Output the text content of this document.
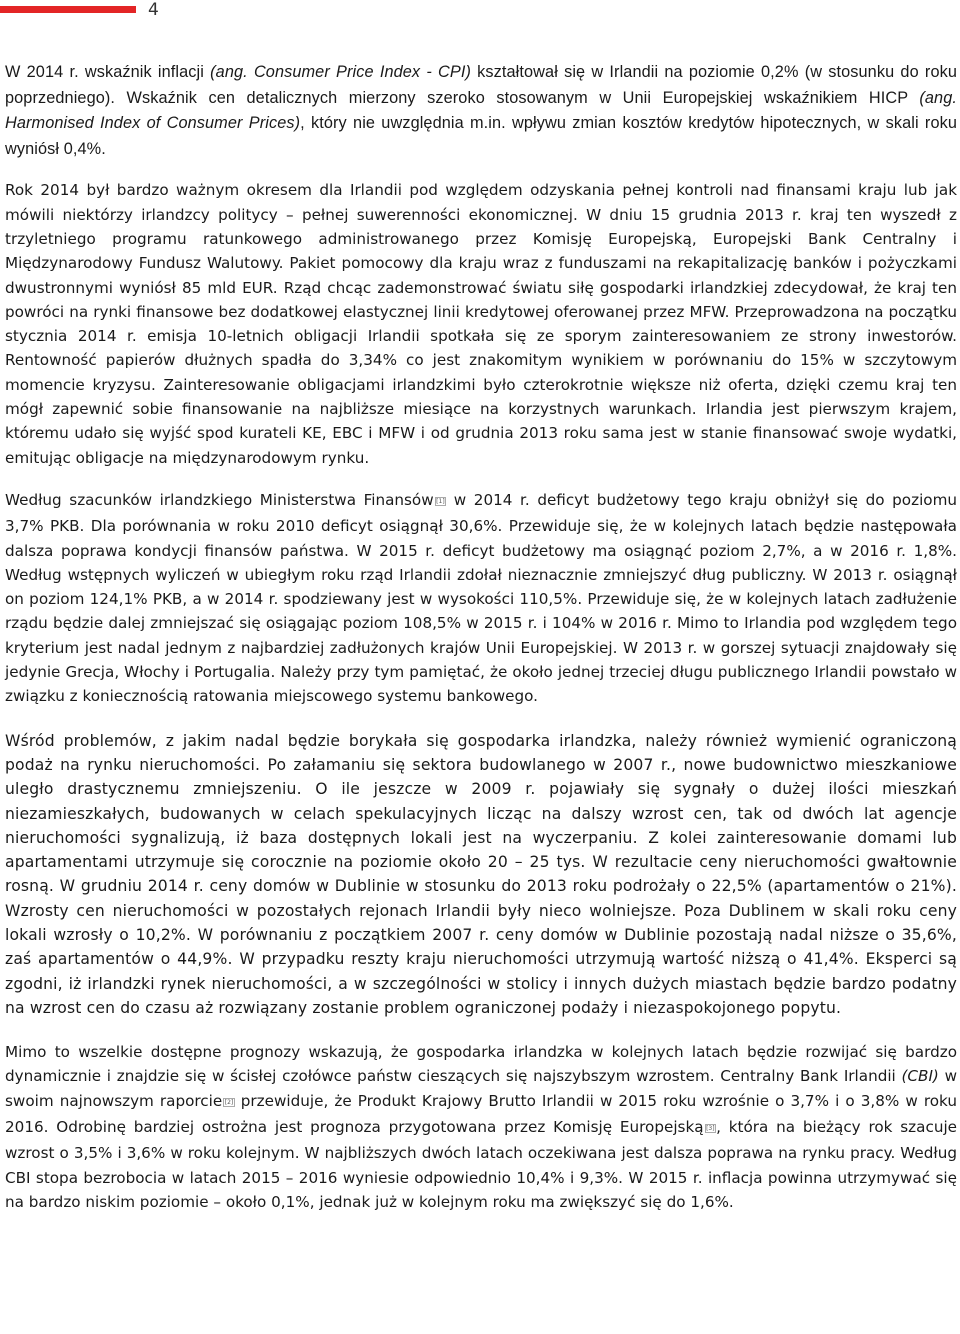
4

W 2014 r. wskaźnik inflacji (ang. Consumer Price Index - CPI) kształtował się w Irlandii na poziomie 0,2% (w stosunku do roku poprzedniego). Wskaźnik cen detalicznych mierzony szeroko stosowanym w Unii Europejskiej wskaźnikiem HICP (ang. Harmonised Index of Consumer Prices), który nie uwzględnia m.in. wpływu zmian kosztów kredytów hipotecznych, w skali roku wyniósł 0,4%.

Rok 2014 był bardzo ważnym okresem dla Irlandii pod względem odzyskania pełnej kontroli nad finansami kraju lub jak mówili niektórzy irlandzcy politycy – pełnej suwerenności ekonomicznej. W dniu 15 grudnia 2013 r. kraj ten wyszedł z trzyletniego programu ratunkowego administrowanego przez Komisję Europejską, Europejski Bank Centralny i Międzynarodowy Fundusz Walutowy. Pakiet pomocowy dla kraju wraz z funduszami na rekapitalizację banków i pożyczkami dwustronnymi wyniósł 85 mld EUR. Rząd chcąc zademonstrować światu siłę gospodarki irlandzkiej zdecydował, że kraj ten powróci na rynki finansowe bez dodatkowej elastycznej linii kredytowej oferowanej przez MFW. Przeprowadzona na początku stycznia 2014 r. emisja 10-letnich obligacji Irlandii spotkała się ze sporym zainteresowaniem ze strony inwestorów. Rentowność papierów dłużnych spadła do 3,34% co jest znakomitym wynikiem w porównaniu do 15% w szczytowym momencie kryzysu. Zainteresowanie obligacjami irlandzkimi było czterokrotnie większe niż oferta, dzięki czemu kraj ten mógł zapewnić sobie finansowanie na najbliższe miesiące na korzystnych warunkach. Irlandia jest pierwszym krajem, któremu udało się wyjść spod kurateli KE, EBC i MFW i od grudnia 2013 roku sama jest w stanie finansować swoje wydatki, emitując obligacje na międzynarodowym rynku.

Według szacunków irlandzkiego Ministerstwa Finansów [1] w 2014 r. deficyt budżetowy tego kraju obniżył się do poziomu 3,7% PKB. Dla porównania w roku 2010 deficyt osiągnął 30,6%. Przewiduje się, że w kolejnych latach będzie następowała dalsza poprawa kondycji finansów państwa. W 2015 r. deficyt budżetowy ma osiągnąć poziom 2,7%, a w 2016 r. 1,8%. Według wstępnych wyliczeń w ubiegłym roku rząd Irlandii zdołał nieznacznie zmniejszyć dług publiczny. W 2013 r. osiągnął on poziom 124,1% PKB, a w 2014 r. spodziewany jest w wysokości 110,5%. Przewiduje się, że w kolejnych latach zadłużenie rządu będzie dalej zmniejszać się osiągając poziom 108,5% w 2015 r. i 104% w 2016 r. Mimo to Irlandia pod względem tego kryterium jest nadal jednym z najbardziej zadłużonych krajów Unii Europejskiej. W 2013 r. w gorszej sytuacji znajdowały się jedynie Grecja, Włochy i Portugalia. Należy przy tym pamiętać, że około jednej trzeciej długu publicznego Irlandii powstało w związku z koniecznością ratowania miejscowego systemu bankowego.

Wśród problemów, z jakim nadal będzie borykała się gospodarka irlandzka, należy również wymienić ograniczoną podaż na rynku nieruchomości. Po załamaniu się sektora budowlanego w 2007 r., nowe budownictwo mieszkaniowe uległo drastycznemu zmniejszeniu. O ile jeszcze w 2009 r. pojawiały się sygnały o dużej ilości mieszkań niezamieszkałych, budowanych w celach spekulacyjnych licząc na dalszy wzrost cen, tak od dwóch lat agencje nieruchomości sygnalizują, iż baza dostępnych lokali jest na wyczerpaniu. Z kolei zainteresowanie domami lub apartamentami utrzymuje się corocznie na poziomie około 20 – 25 tys. W rezultacie ceny nieruchomości gwałtownie rosną. W grudniu 2014 r. ceny domów w Dublinie w stosunku do 2013 roku podrożały o 22,5% (apartamentów o 21%). Wzrosty cen nieruchomości w pozostałych rejonach Irlandii były nieco wolniejsze. Poza Dublinem w skali roku ceny lokali wzrosły o 10,2%. W porównaniu z początkiem 2007 r. ceny domów w Dublinie pozostają nadal niższe o 35,6%, zaś apartamentów o 44,9%. W przypadku reszty kraju nieruchomości utrzymują wartość niższą o 41,4%. Eksperci są zgodni, iż irlandzki rynek nieruchomości, a w szczególności w stolicy i innych dużych miastach będzie bardzo podatny na wzrost cen do czasu aż rozwiązany zostanie problem ograniczonej podaży i niezaspokojonego popytu.

Mimo to wszelkie dostępne prognozy wskazują, że gospodarka irlandzka w kolejnych latach będzie rozwijać się bardzo dynamicznie i znajdzie się w ścisłej czołówce państw cieszących się najszybszym wzrostem. Centralny Bank Irlandii (CBI) w swoim najnowszym raporcie [2] przewiduje, że Produkt Krajowy Brutto Irlandii w 2015 roku wzrośnie o 3,7% i o 3,8% w roku 2016. Odrobinę bardziej ostrożna jest prognoza przygotowana przez Komisję Europejską [3], która na bieżący rok szacuje wzrost o 3,5% i 3,6% w roku kolejnym. W najbliższych dwóch latach oczekiwana jest dalsza poprawa na rynku pracy. Według CBI stopa bezrobocia w latach 2015 – 2016 wyniesie odpowiednio 10,4% i 9,3%. W 2015 r. inflacja powinna utrzymywać się na bardzo niskim poziomie – około 0,1%, jednak już w kolejnym roku ma zwiększyć się do 1,6%.
